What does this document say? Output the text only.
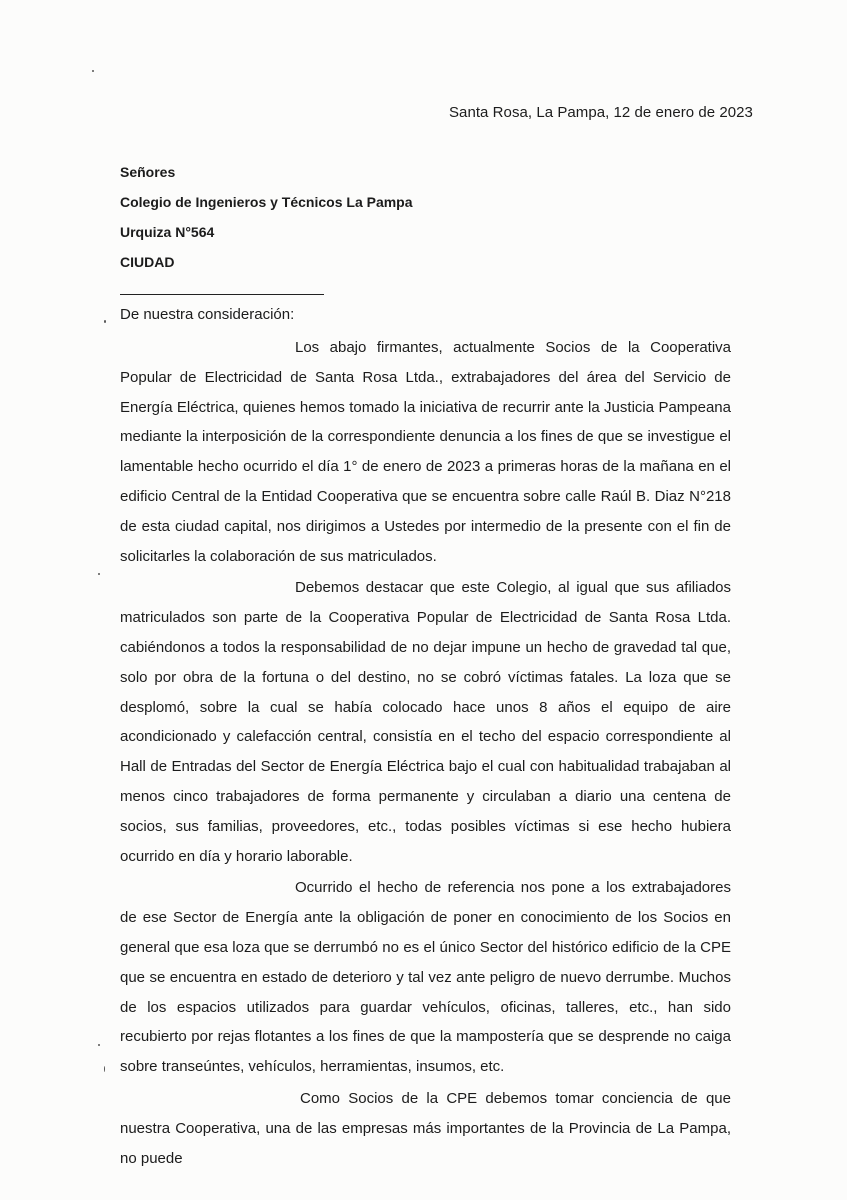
Santa Rosa, La Pampa, 12 de enero de 2023
Señores
Colegio de Ingenieros y Técnicos La Pampa
Urquiza N°564
CIUDAD
De nuestra consideración:

Los abajo firmantes, actualmente Socios de la Cooperativa Popular de Electricidad de Santa Rosa Ltda., extrabajadores del área del Servicio de Energía Eléctrica, quienes hemos tomado la iniciativa de recurrir ante la Justicia Pampeana mediante la interposición de la correspondiente denuncia a los fines de que se investigue el lamentable hecho ocurrido el día 1° de enero de 2023 a primeras horas de la mañana en el edificio Central de la Entidad Cooperativa que se encuentra sobre calle Raúl B. Diaz N°218 de esta ciudad capital, nos dirigimos a Ustedes por intermedio de la presente con el fin de solicitarles la colaboración de sus matriculados.

Debemos destacar que este Colegio, al igual que sus afiliados matriculados son parte de la Cooperativa Popular de Electricidad de Santa Rosa Ltda. cabiéndonos a todos la responsabilidad de no dejar impune un hecho de gravedad tal que, solo por obra de la fortuna o del destino, no se cobró víctimas fatales. La loza que se desplomó, sobre la cual se había colocado hace unos 8 años el equipo de aire acondicionado y calefacción central, consistía en el techo del espacio correspondiente al Hall de Entradas del Sector de Energía Eléctrica bajo el cual con habitualidad trabajaban al menos cinco trabajadores de forma permanente y circulaban a diario una centena de socios, sus familias, proveedores, etc., todas posibles víctimas si ese hecho hubiera ocurrido en día y horario laborable.

Ocurrido el hecho de referencia nos pone a los extrabajadores de ese Sector de Energía ante la obligación de poner en conocimiento de los Socios en general que esa loza que se derrumbó no es el único Sector del histórico edificio de la CPE que se encuentra en estado de deterioro y tal vez ante peligro de nuevo derrumbe. Muchos de los espacios utilizados para guardar vehículos, oficinas, talleres, etc., han sido recubierto por rejas flotantes a los fines de que la mampostería que se desprende no caiga sobre transeúntes, vehículos, herramientas, insumos, etc.

Como Socios de la CPE debemos tomar conciencia de que nuestra Cooperativa, una de las empresas más importantes de la Provincia de La Pampa, no puede
